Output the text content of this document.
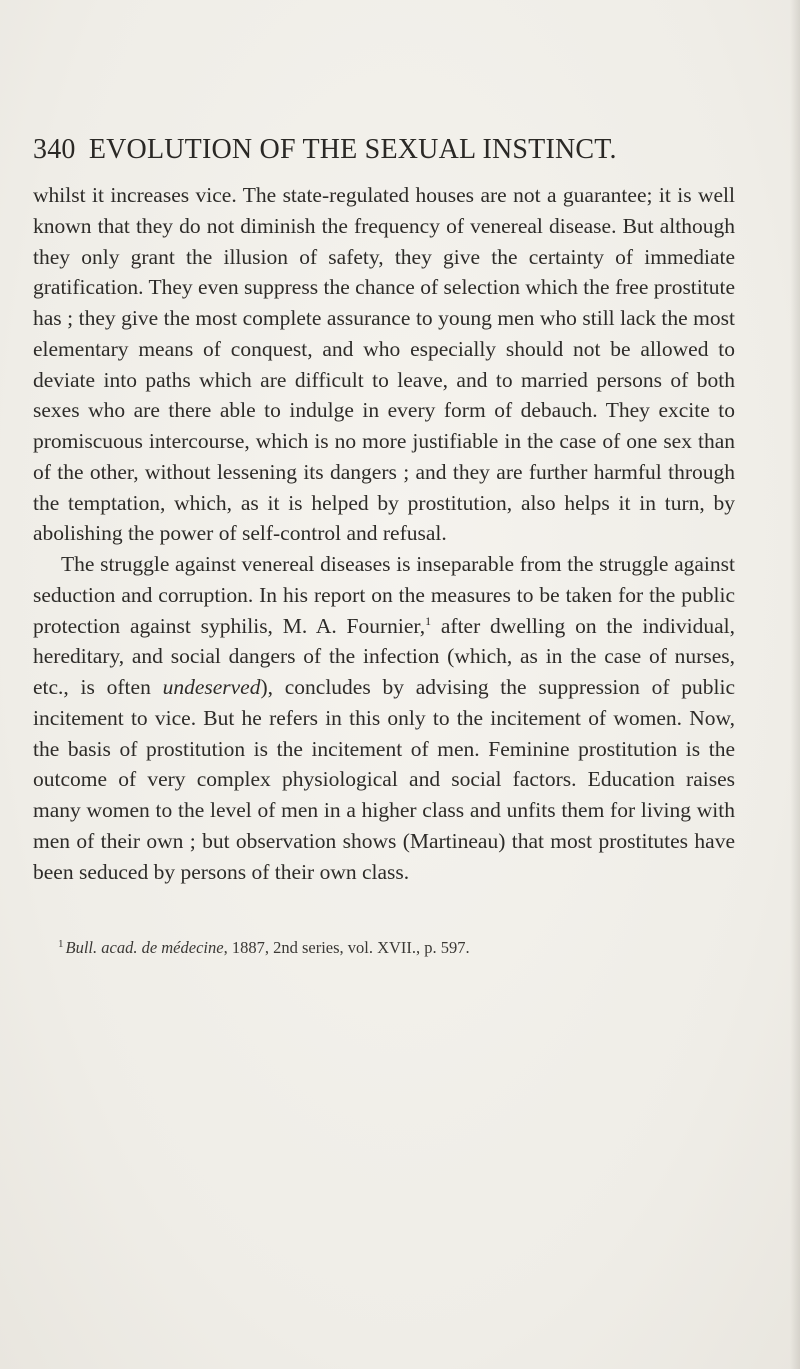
340 EVOLUTION OF THE SEXUAL INSTINCT.

whilst it increases vice. The state-regulated houses are not a guarantee; it is well known that they do not diminish the frequency of venereal disease. But although they only grant the illusion of safety, they give the certainty of immediate gratification. They even suppress the chance of selection which the free prostitute has ; they give the most complete assurance to young men who still lack the most elementary means of conquest, and who especially should not be allowed to deviate into paths which are difficult to leave, and to married persons of both sexes who are there able to indulge in every form of debauch. They excite to promiscuous intercourse, which is no more justifiable in the case of one sex than of the other, without lessening its dangers ; and they are further harmful through the temptation, which, as it is helped by prostitution, also helps it in turn, by abolishing the power of self-control and refusal.

The struggle against venereal diseases is inseparable from the struggle against seduction and corruption. In his report on the measures to be taken for the public protection against syphilis, M. A. Fournier,$^1$ after dwelling on the individual, hereditary, and social dangers of the infection (which, as in the case of nurses, etc., is often undeserved), concludes by advising the suppression of public incitement to vice. But he refers in this only to the incitement of women. Now, the basis of prostitution is the incitement of men. Feminine prostitution is the outcome of very complex physiological and social factors. Education raises many women to the level of men in a higher class and unfits them for living with men of their own ; but observation shows (Martineau) that most prostitutes have been seduced by persons of their own class.

$^1$ Bull. acad. de médecine, 1887, 2nd series, vol. XVII., p. 597.
